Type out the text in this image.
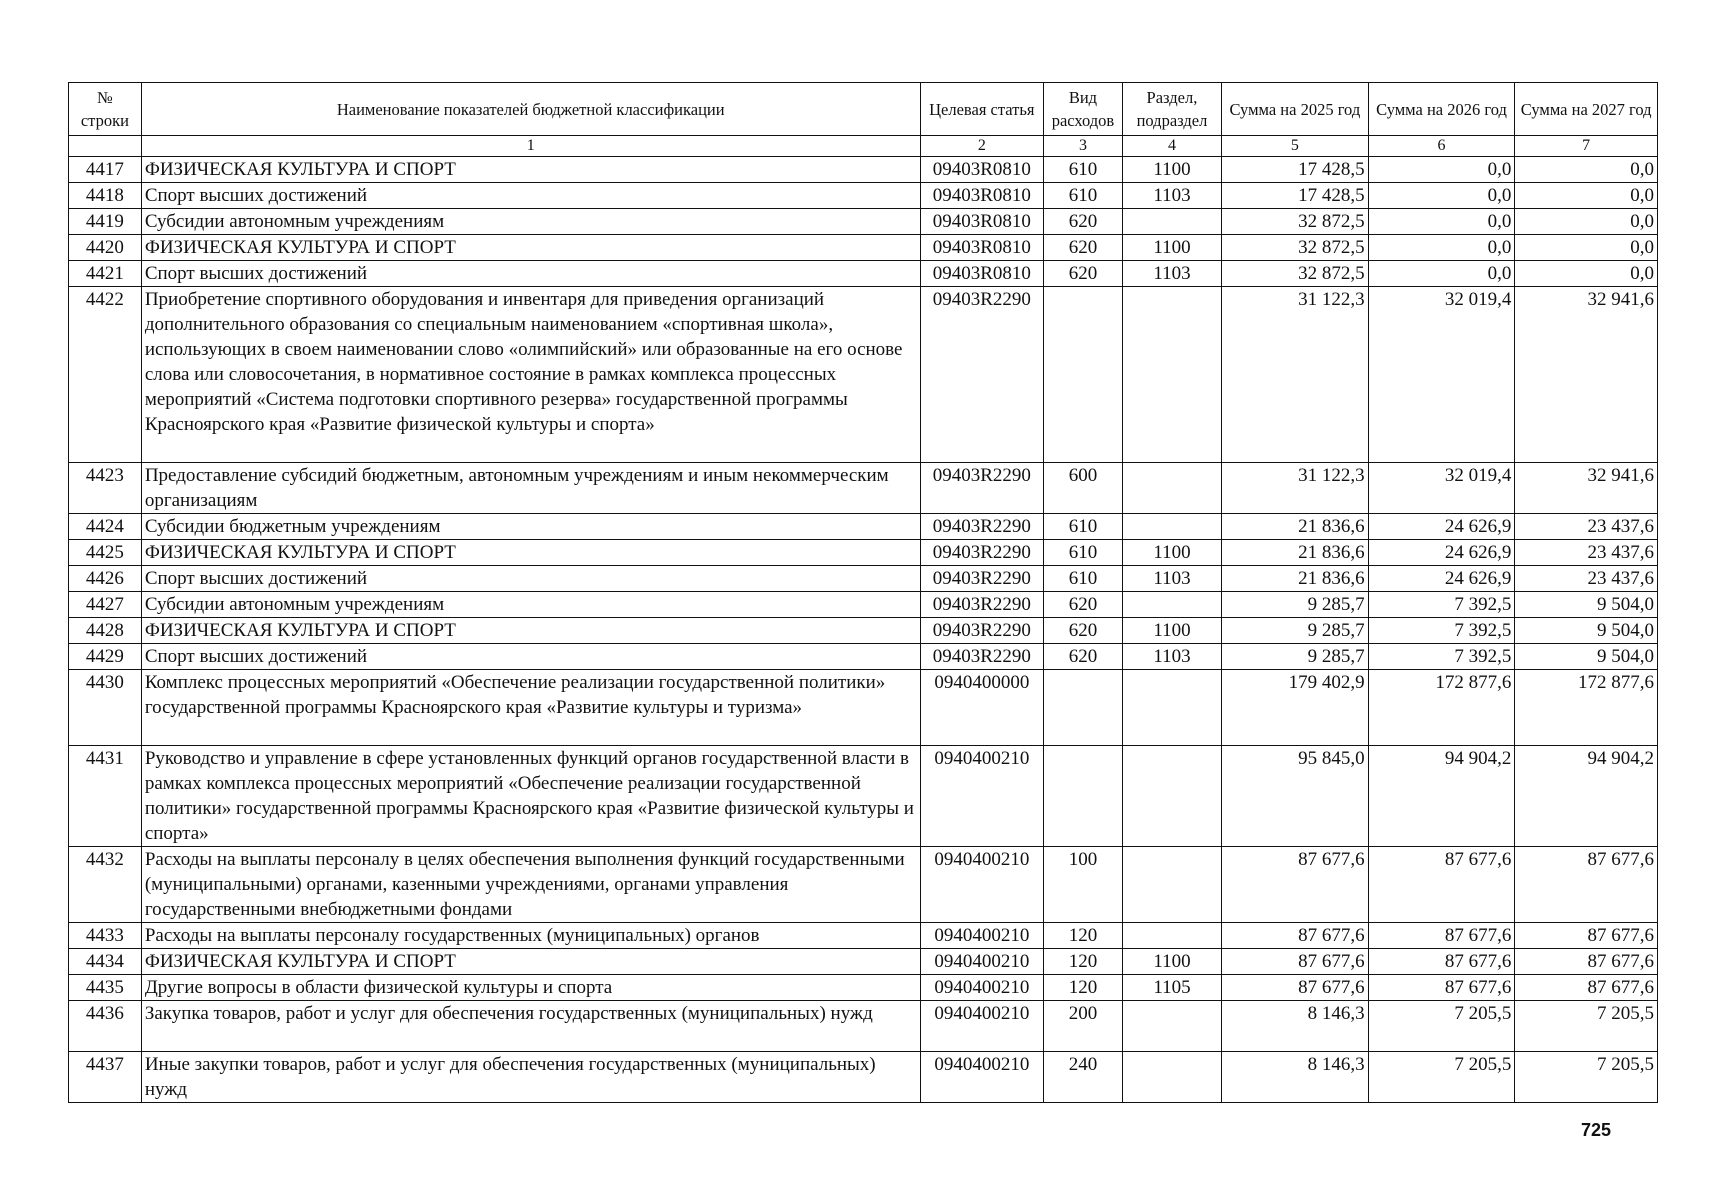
№ строки	Наименование показателей бюджетной классификации	Целевая статья	Вид расходов	Раздел, подраздел	Сумма на 2025 год	Сумма на 2026 год	Сумма на 2027 год
	1	2	3	4	5	6	7
4417	ФИЗИЧЕСКАЯ КУЛЬТУРА И СПОРТ	09403R0810	610	1100	17 428,5	0,0	0,0
4418	Спорт высших достижений	09403R0810	610	1103	17 428,5	0,0	0,0
4419	Субсидии автономным учреждениям	09403R0810	620		32 872,5	0,0	0,0
4420	ФИЗИЧЕСКАЯ КУЛЬТУРА И СПОРТ	09403R0810	620	1100	32 872,5	0,0	0,0
4421	Спорт высших достижений	09403R0810	620	1103	32 872,5	0,0	0,0
4422	Приобретение спортивного оборудования и инвентаря для приведения организаций дополнительного образования со специальным наименованием «спортивная школа», использующих в своем наименовании слово «олимпийский» или образованные на его основе слова или словосочетания, в нормативное состояние в рамках комплекса процессных мероприятий «Система подготовки спортивного резерва» государственной программы Красноярского края «Развитие физической культуры и спорта»	09403R2290			31 122,3	32 019,4	32 941,6
4423	Предоставление субсидий бюджетным, автономным учреждениям и иным некоммерческим организациям	09403R2290	600		31 122,3	32 019,4	32 941,6
4424	Субсидии бюджетным учреждениям	09403R2290	610		21 836,6	24 626,9	23 437,6
4425	ФИЗИЧЕСКАЯ КУЛЬТУРА И СПОРТ	09403R2290	610	1100	21 836,6	24 626,9	23 437,6
4426	Спорт высших достижений	09403R2290	610	1103	21 836,6	24 626,9	23 437,6
4427	Субсидии автономным учреждениям	09403R2290	620		9 285,7	7 392,5	9 504,0
4428	ФИЗИЧЕСКАЯ КУЛЬТУРА И СПОРТ	09403R2290	620	1100	9 285,7	7 392,5	9 504,0
4429	Спорт высших достижений	09403R2290	620	1103	9 285,7	7 392,5	9 504,0
4430	Комплекс процессных мероприятий «Обеспечение реализации государственной политики» государственной программы Красноярского края «Развитие культуры и туризма»	0940400000			179 402,9	172 877,6	172 877,6
4431	Руководство и управление в сфере установленных функций органов государственной власти в рамках комплекса процессных мероприятий «Обеспечение реализации государственной политики» государственной программы Красноярского края «Развитие физической культуры и спорта»	0940400210			95 845,0	94 904,2	94 904,2
4432	Расходы на выплаты персоналу в целях обеспечения выполнения функций государственными (муниципальными) органами, казенными учреждениями, органами управления государственными внебюджетными фондами	0940400210	100		87 677,6	87 677,6	87 677,6
4433	Расходы на выплаты персоналу государственных (муниципальных) органов	0940400210	120		87 677,6	87 677,6	87 677,6
4434	ФИЗИЧЕСКАЯ КУЛЬТУРА И СПОРТ	0940400210	120	1100	87 677,6	87 677,6	87 677,6
4435	Другие вопросы в области физической культуры и спорта	0940400210	120	1105	87 677,6	87 677,6	87 677,6
4436	Закупка товаров, работ и услуг для обеспечения государственных (муниципальных) нужд	0940400210	200		8 146,3	7 205,5	7 205,5
4437	Иные закупки товаров, работ и услуг для обеспечения государственных (муниципальных) нужд	0940400210	240		8 146,3	7 205,5	7 205,5
725
